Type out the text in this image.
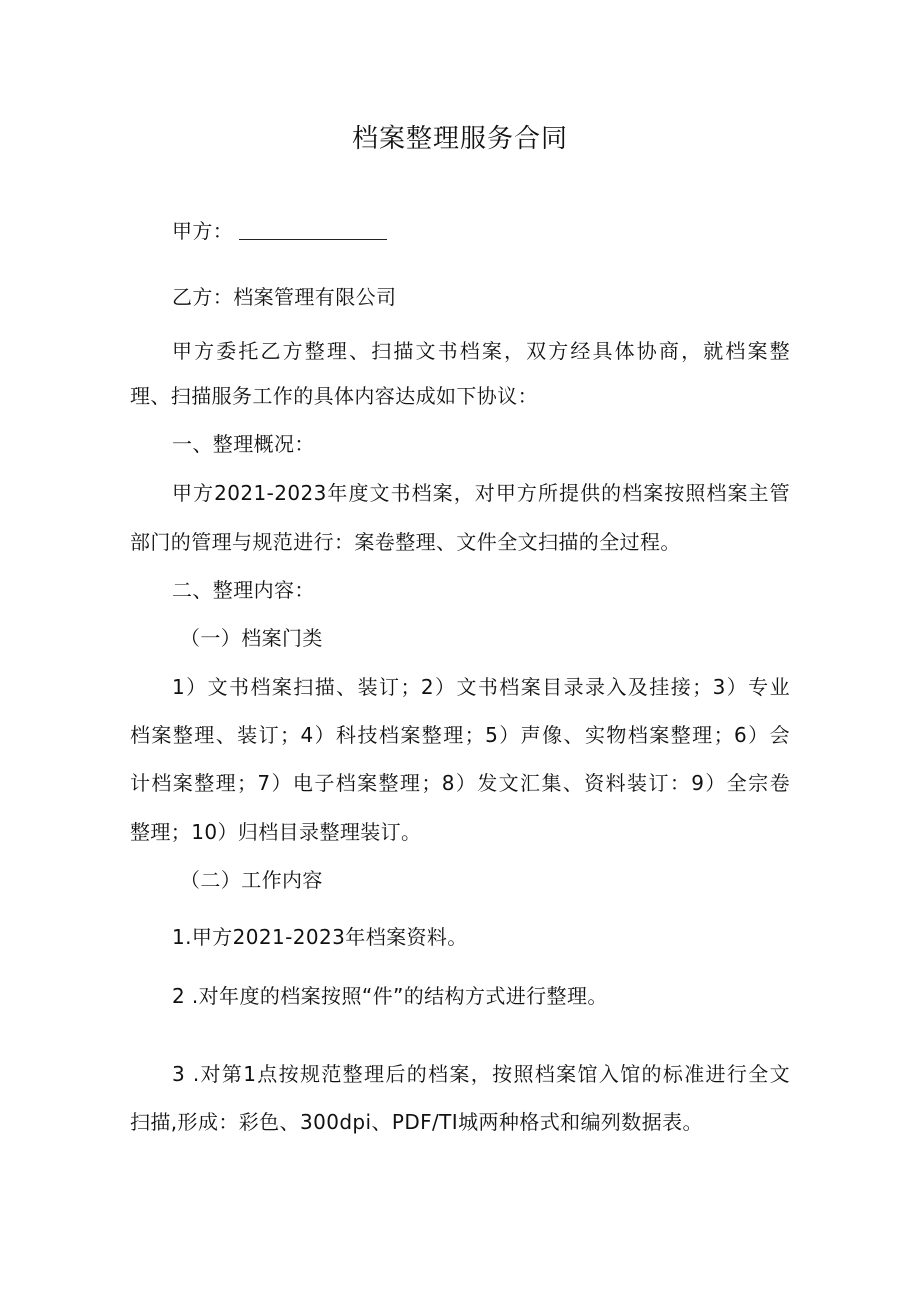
档案整理服务合同
甲方：
乙方：档案管理有限公司
甲方委托乙方整理、扫描文书档案，双方经具体协商，就档案整
理、扫描服务工作的具体内容达成如下协议：
一、整理概况：
甲方2021-2023年度文书档案，对甲方所提供的档案按照档案主管
部门的管理与规范进行：案卷整理、文件全文扫描的全过程。
二、整理内容：
（一）档案门类
1）文书档案扫描、装订；2）文书档案目录录入及挂接；3）专业
档案整理、装订；4）科技档案整理；5）声像、实物档案整理；6）会
计档案整理；7）电子档案整理；8）发文汇集、资料装订：9）全宗卷
整理；10）归档目录整理装订。
（二）工作内容
1.甲方2021-2023年档案资料。
2 .对年度的档案按照“件”的结构方式进行整理。
3 .对第1点按规范整理后的档案，按照档案馆入馆的标准进行全文
扫描,形成：彩色、300dpi、PDF/TI城两种格式和编列数据表。
